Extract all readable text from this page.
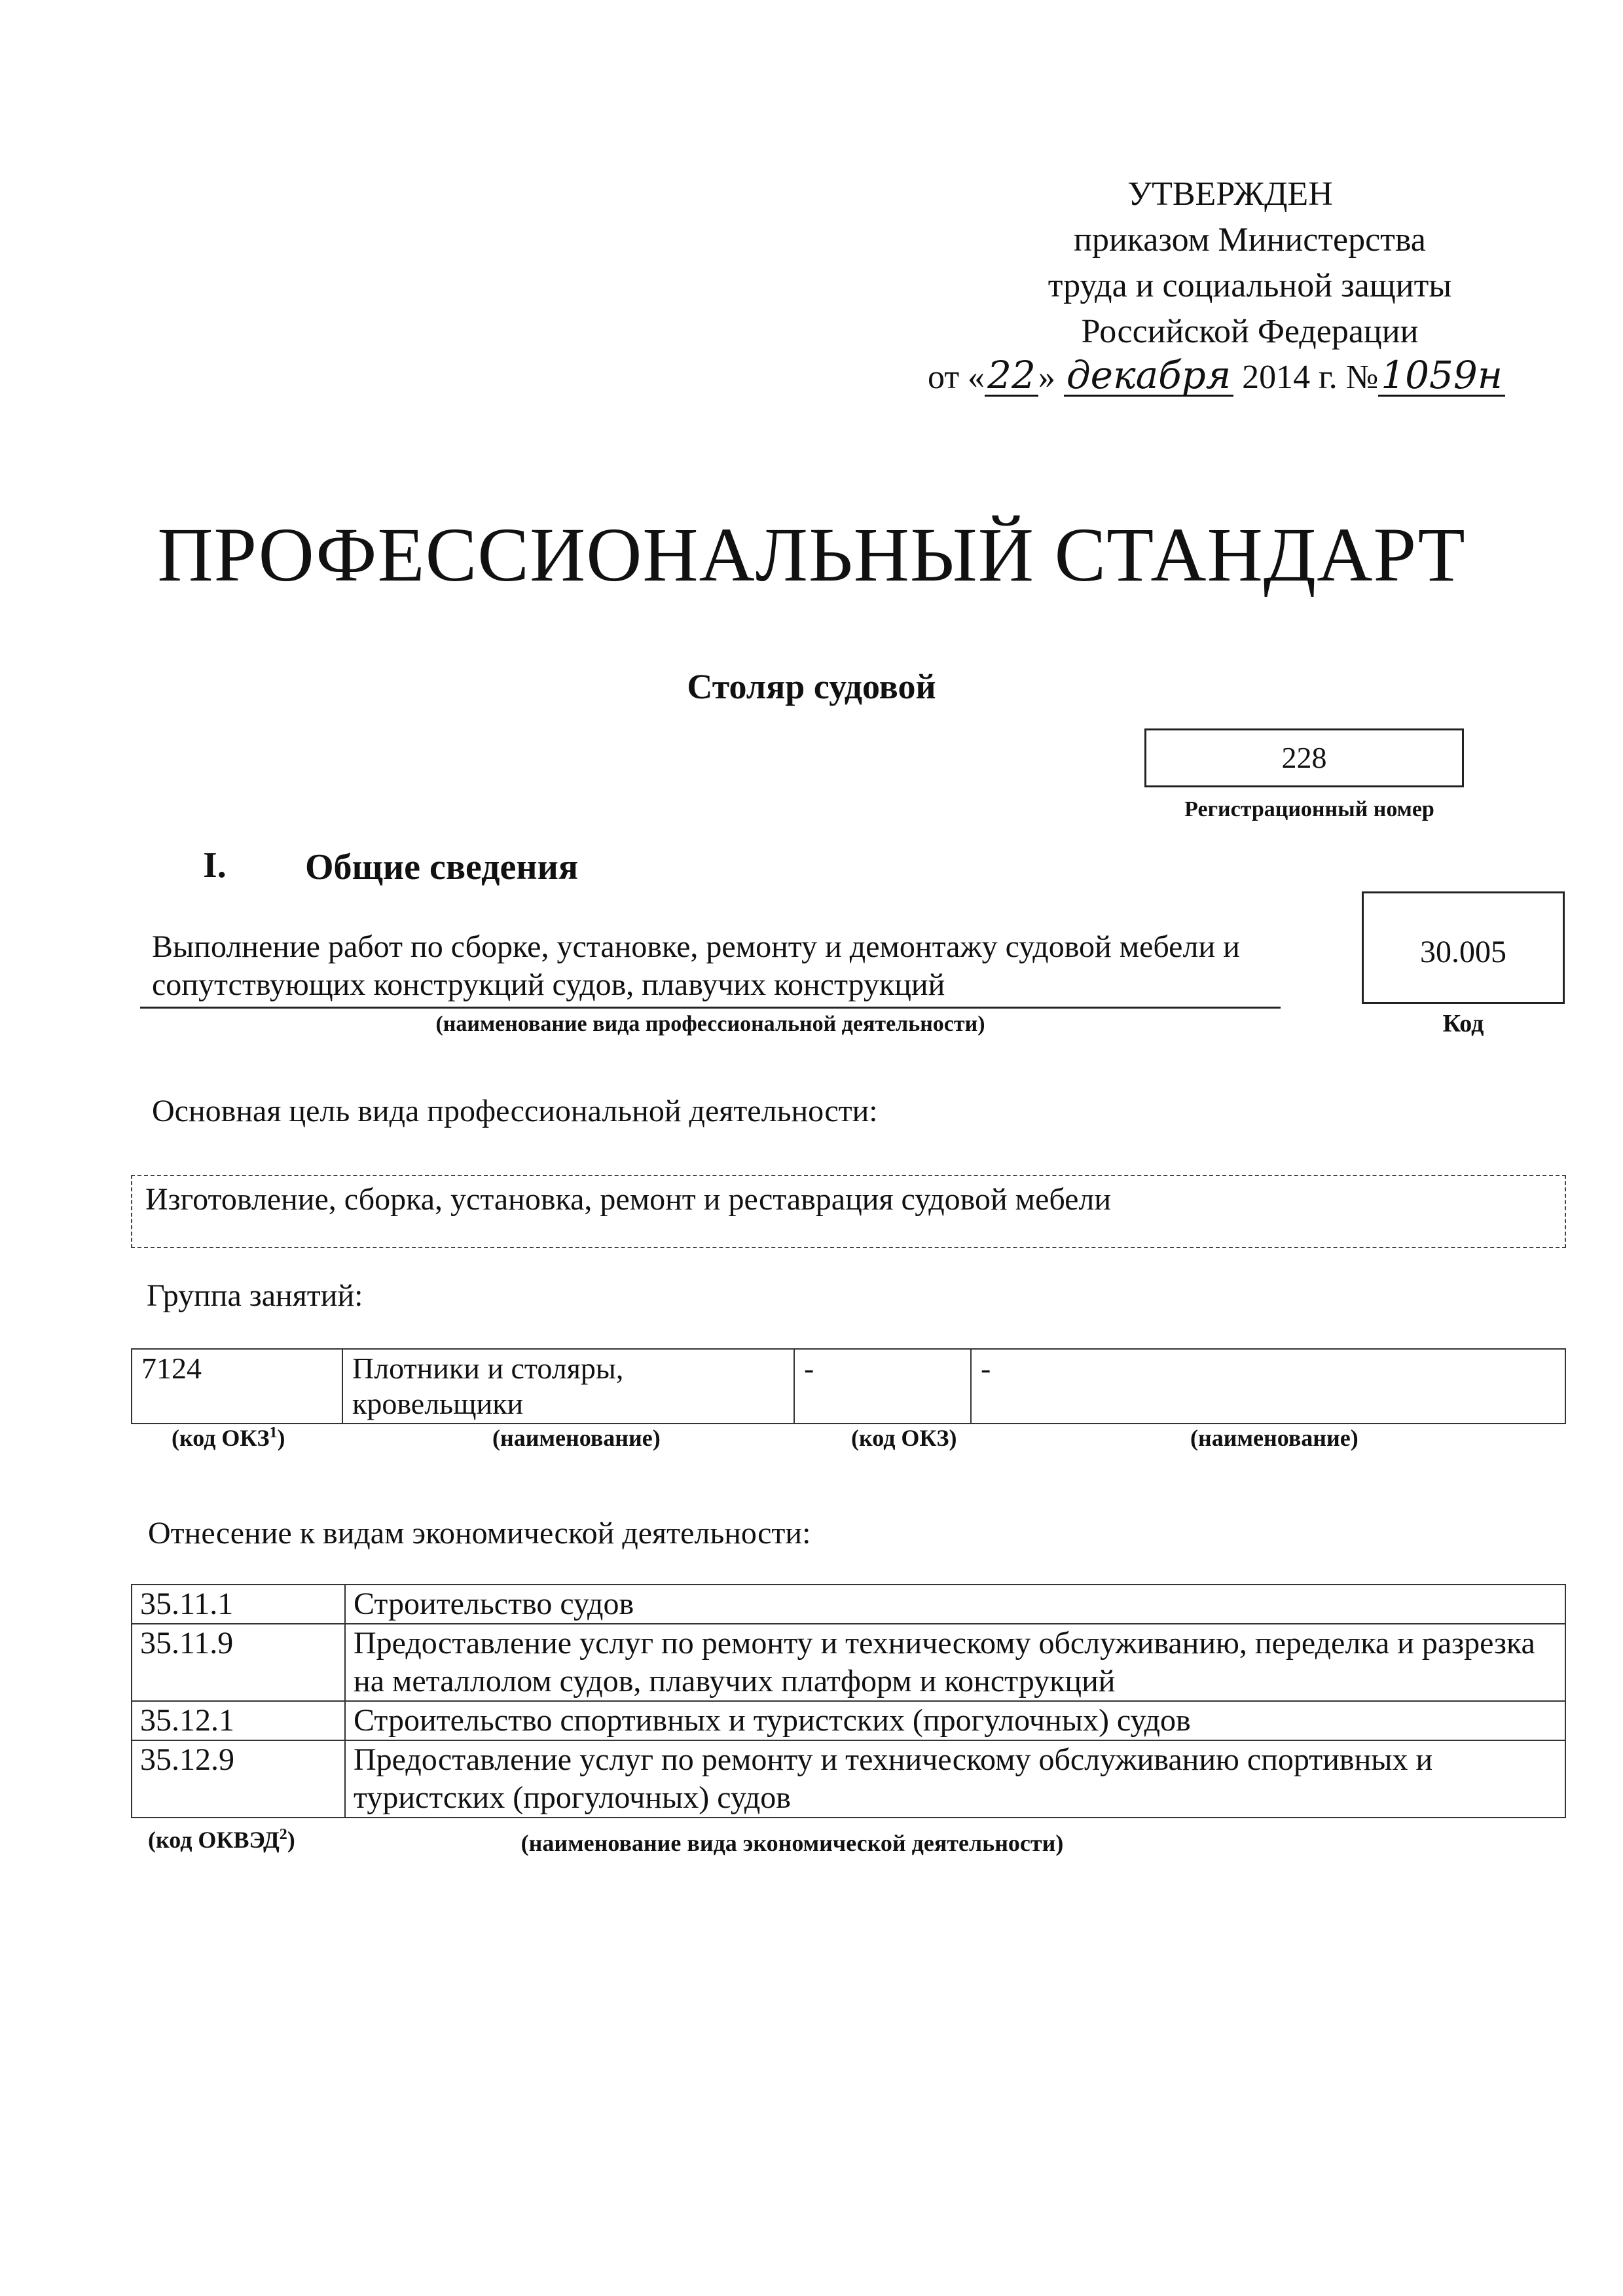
УТВЕРЖДЕН
приказом Министерства
труда и социальной защиты
Российской Федерации
от «22» декабря 2014 г. №1059н
ПРОФЕССИОНАЛЬНЫЙ СТАНДАРТ
Столяр судовой
228
Регистрационный номер
I. Общие сведения
Выполнение работ по сборке, установке, ремонту и демонтажу судовой мебели и сопутствующих конструкций судов, плавучих конструкций
(наименование вида профессиональной деятельности)
30.005
Код
Основная цель вида профессиональной деятельности:
Изготовление, сборка, установка, ремонт и реставрация судовой мебели
Группа занятий:
7124	Плотники и столяры, кровельщики	-	-
(код ОКЗ$^1$)	(наименование)	(код ОКЗ)	(наименование)
Отнесение к видам экономической деятельности:
35.11.1	Строительство судов
35.11.9	Предоставление услуг по ремонту и техническому обслуживанию, переделка и разрезка на металлолом судов, плавучих платформ и конструкций
35.12.1	Строительство спортивных и туристских (прогулочных) судов
35.12.9	Предоставление услуг по ремонту и техническому обслуживанию спортивных и туристских (прогулочных) судов
(код ОКВЭД$^2$)	(наименование вида экономической деятельности)
